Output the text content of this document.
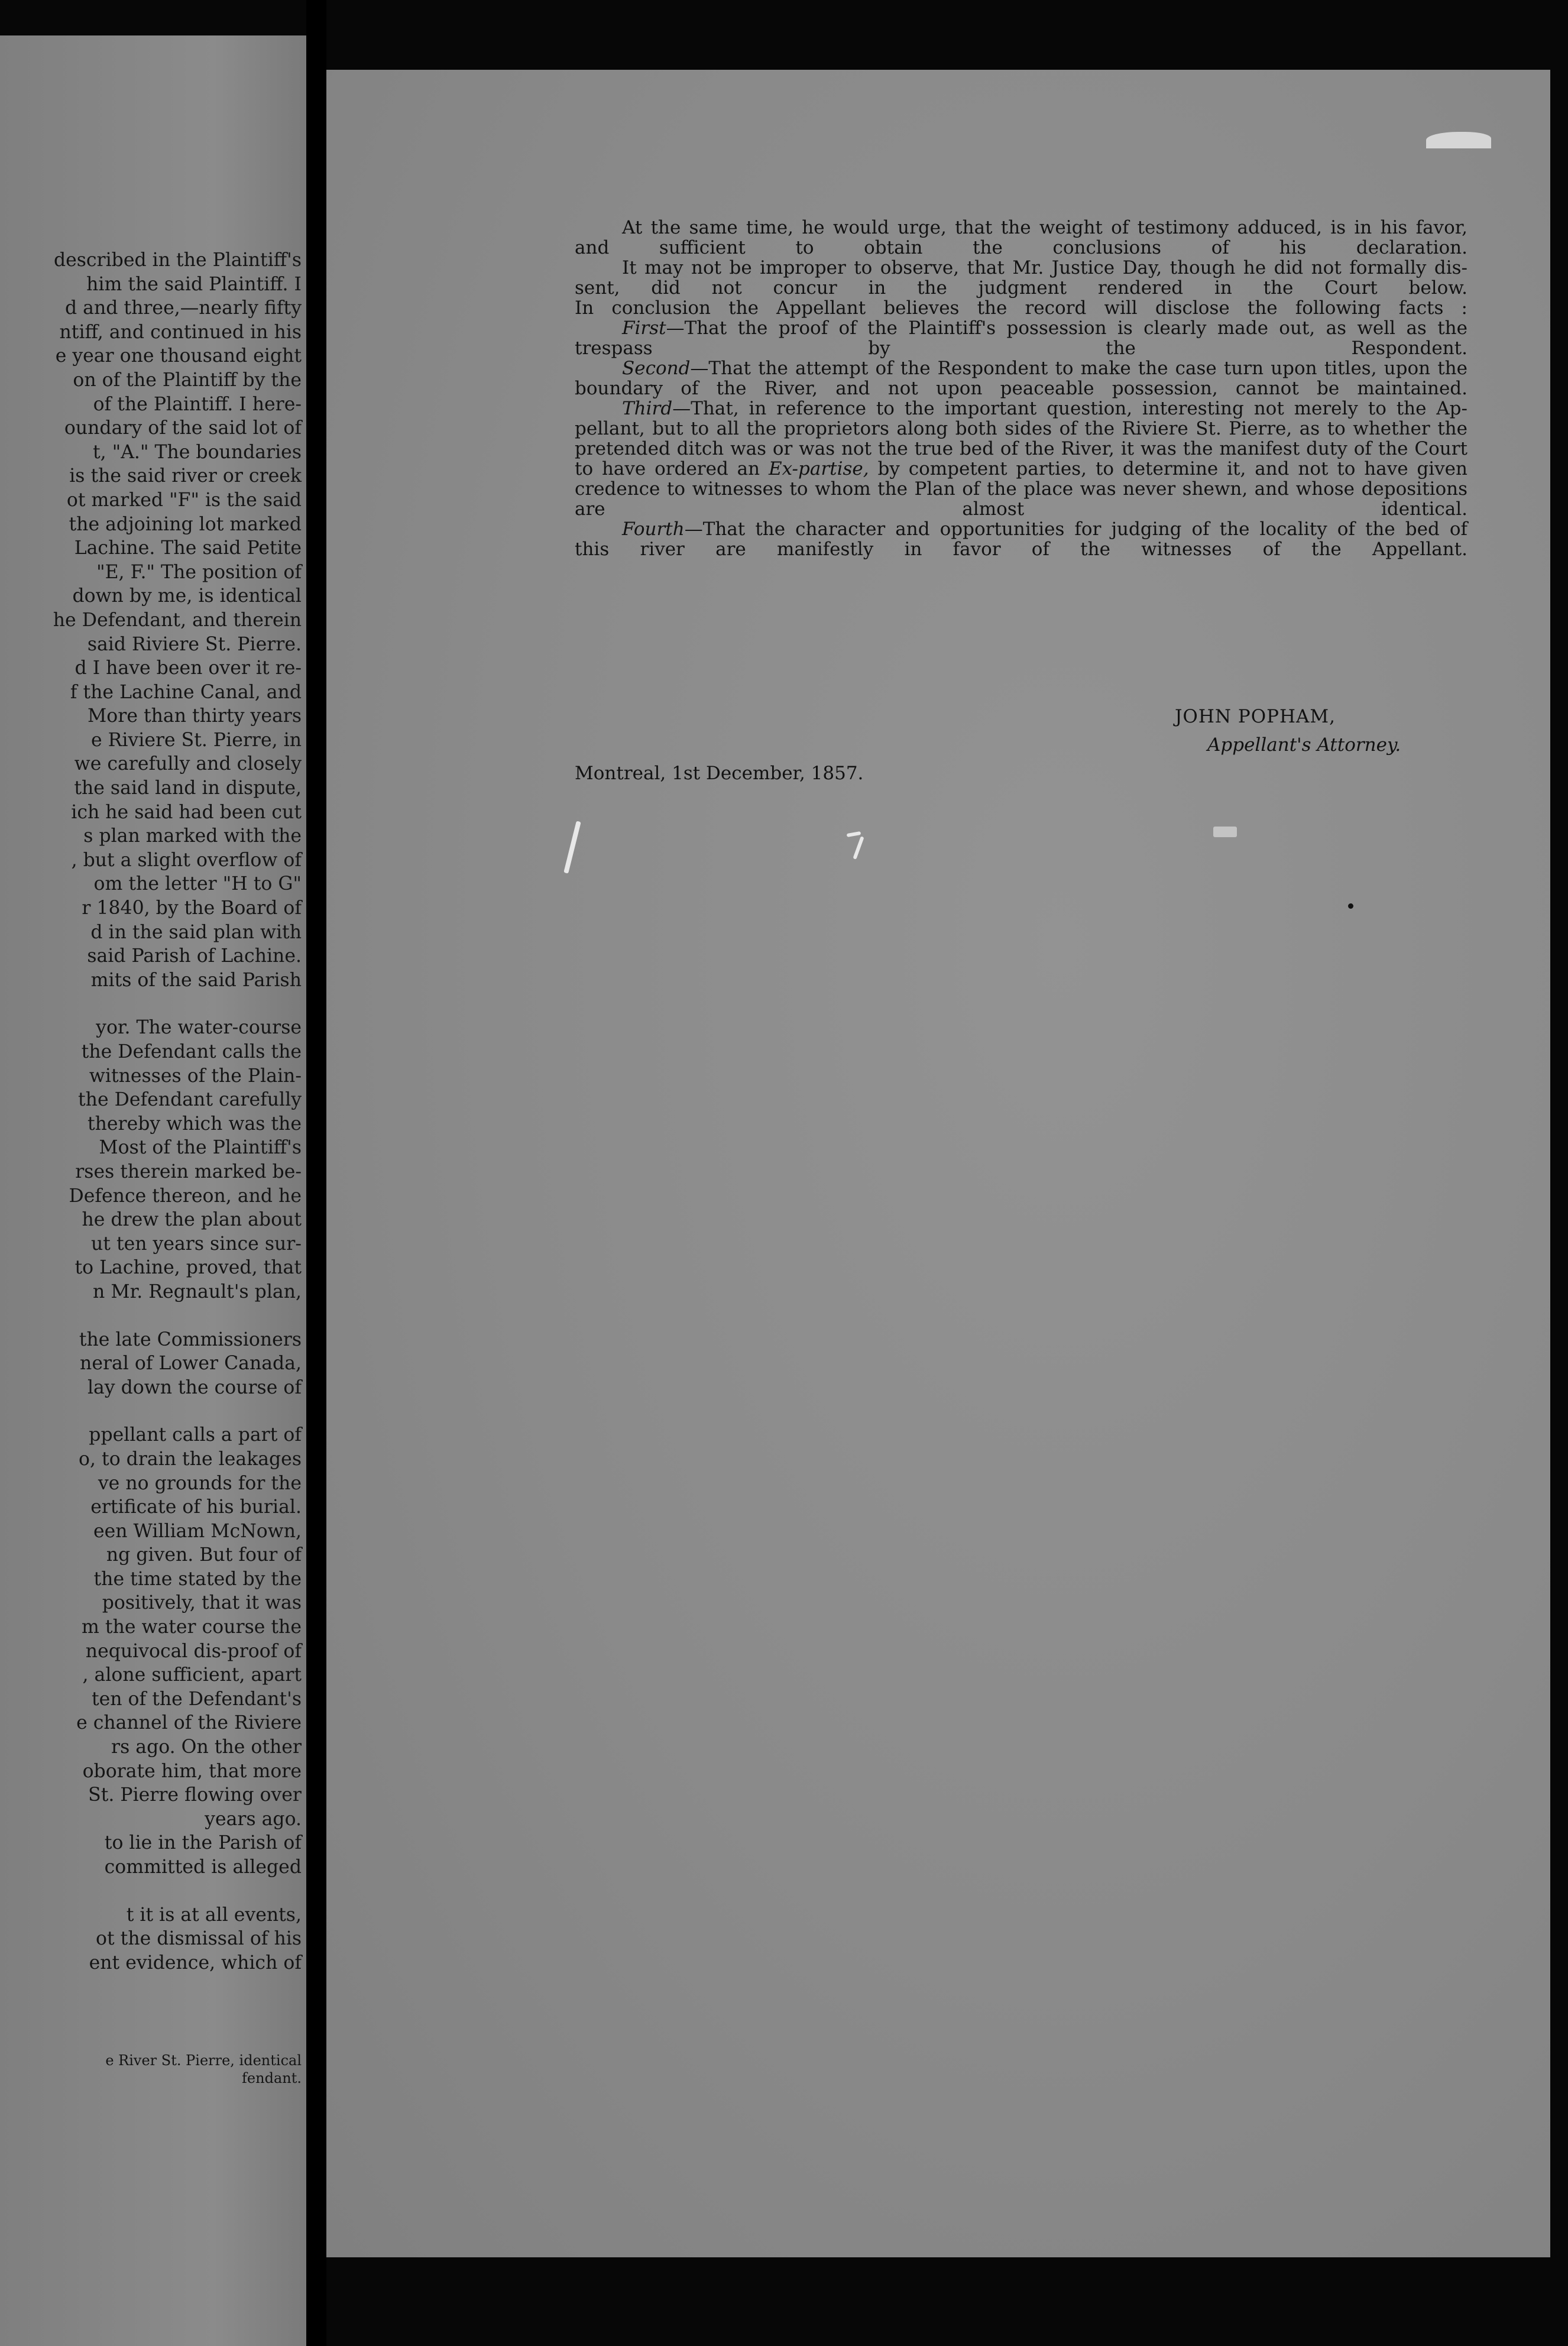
described in the Plaintiff's
him the said Plaintiff. I
d and three,—nearly fifty
ntiff, and continued in his
e year one thousand eight
on of the Plaintiff by the
of the Plaintiff. I here-
oundary of the said lot of
t, "A." The boundaries
is the said river or creek
ot marked "F" is the said
the adjoining lot marked
Lachine. The said Petite
"E, F." The position of
down by me, is identical
he Defendant, and therein
said Riviere St. Pierre.
d I have been over it re-
f the Lachine Canal, and
More than thirty years
e Riviere St. Pierre, in
we carefully and closely
the said land in dispute,
ich he said had been cut
s plan marked with the
, but a slight overflow of
om the letter "H to G"
r 1840, by the Board of
d in the said plan with
said Parish of Lachine.
mits of the said Parish
yor. The water-course
the Defendant calls the
witnesses of the Plain-
the Defendant carefully
thereby which was the
Most of the Plaintiff's
rses therein marked be-
Defence thereon, and he
he drew the plan about
ut ten years since sur-
to Lachine, proved, that
n Mr. Regnault's plan,
the late Commissioners
neral of Lower Canada,
lay down the course of
ppellant calls a part of
o, to drain the leakages
ve no grounds for the
ertificate of his burial.
een William McNown,
ng given. But four of
the time stated by the
positively, that it was
m the water course the
nequivocal dis-proof of
, alone sufficient, apart
ten of the Defendant's
e channel of the Riviere
rs ago. On the other
oborate him, that more
St. Pierre flowing over
years ago.
to lie in the Parish of
committed is alleged
t it is at all events,
ot the dismissal of his
ent evidence, which of
e River St. Pierre, identical
fendant.

At the same time, he would urge, that the weight of testimony adduced, is in his favor,
and sufficient to obtain the conclusions of his declaration.

It may not be improper to observe, that Mr. Justice Day, though he did not formally dis-
sent, did not concur in the judgment rendered in the Court below.

In conclusion the Appellant believes the record will disclose the following facts :

First—That the proof of the Plaintiff's possession is clearly made out, as well as the
trespass by the Respondent.

Second—That the attempt of the Respondent to make the case turn upon titles, upon the
boundary of the River, and not upon peaceable possession, cannot be maintained.

Third—That, in reference to the important question, interesting not merely to the Ap-pellant, but to all the proprietors along both sides of the Riviere St. Pierre, as to whether the pretended ditch was or was not the true bed of the River, it was the manifest duty of the Court to have ordered an Ex-partise, by competent parties, to determine it, and not to have given credence to witnesses to whom the Plan of the place was never shewn, and whose depositions
are almost identical.

Fourth—That the character and opportunities for judging of the locality of the bed of
this river are manifestly in favor of the witnesses of the Appellant.

JOHN POPHAM,
Appellant's Attorney.
Montreal, 1st December, 1857.
